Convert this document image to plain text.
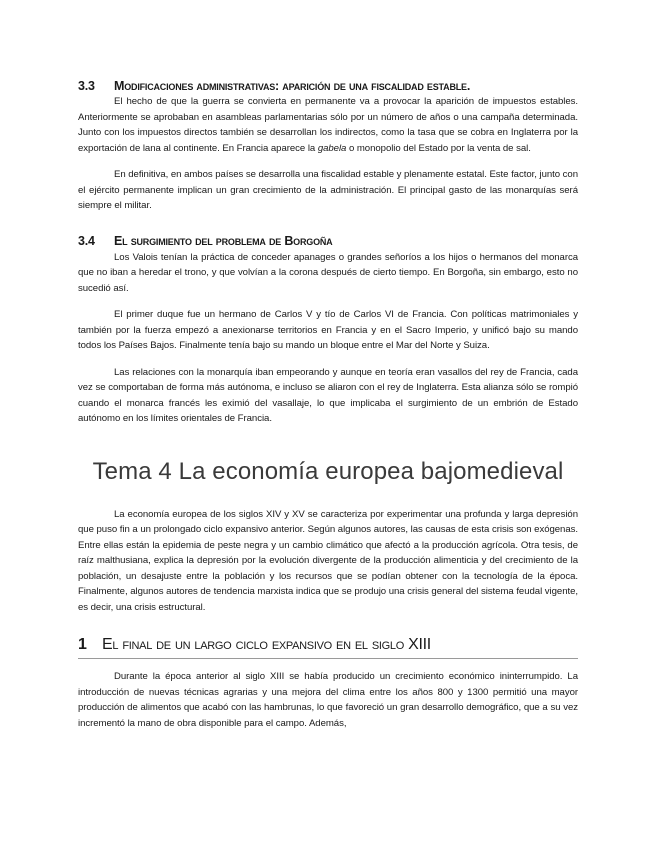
3.3 Modificaciones administrativas: aparición de una fiscalidad estable.

El hecho de que la guerra se convierta en permanente va a provocar la aparición de impuestos estables. Anteriormente se aprobaban en asambleas parlamentarias sólo por un número de años o una campaña determinada. Junto con los impuestos directos también se desarrollan los indirectos, como la tasa que se cobra en Inglaterra por la exportación de lana al continente. En Francia aparece la gabela o monopolio del Estado por la venta de sal.

En definitiva, en ambos países se desarrolla una fiscalidad estable y plenamente estatal. Este factor, junto con el ejército permanente implican un gran crecimiento de la administración. El principal gasto de las monarquías será siempre el militar.

3.4 El surgimiento del problema de Borgoña

Los Valois tenían la práctica de conceder apanages o grandes señoríos a los hijos o hermanos del monarca que no iban a heredar el trono, y que volvían a la corona después de cierto tiempo. En Borgoña, sin embargo, esto no sucedió así.

El primer duque fue un hermano de Carlos V y tío de Carlos VI de Francia. Con políticas matrimoniales y también por la fuerza empezó a anexionarse territorios en Francia y en el Sacro Imperio, y unificó bajo su mando todos los Países Bajos. Finalmente tenía bajo su mando un bloque entre el Mar del Norte y Suiza.

Las relaciones con la monarquía iban empeorando y aunque en teoría eran vasallos del rey de Francia, cada vez se comportaban de forma más autónoma, e incluso se aliaron con el rey de Inglaterra. Esta alianza sólo se rompió cuando el monarca francés les eximió del vasallaje, lo que implicaba el surgimiento de un embrión de Estado autónomo en los límites orientales de Francia.

Tema 4 La economía europea bajomedieval

La economía europea de los siglos XIV y XV se caracteriza por experimentar una profunda y larga depresión que puso fin a un prolongado ciclo expansivo anterior. Según algunos autores, las causas de esta crisis son exógenas. Entre ellas están la epidemia de peste negra y un cambio climático que afectó a la producción agrícola. Otra tesis, de raíz malthusiana, explica la depresión por la evolución divergente de la producción alimenticia y del crecimiento de la población, un desajuste entre la población y los recursos que se podían obtener con la tecnología de la época. Finalmente, algunos autores de tendencia marxista indica que se produjo una crisis general del sistema feudal vigente, es decir, una crisis estructural.

1 El final de un largo ciclo expansivo en el siglo XIII

Durante la época anterior al siglo XIII se había producido un crecimiento económico ininterrumpido. La introducción de nuevas técnicas agrarias y una mejora del clima entre los años 800 y 1300 permitió una mayor producción de alimentos que acabó con las hambrunas, lo que favoreció un gran desarrollo demográfico, que a su vez incrementó la mano de obra disponible para el campo. Además,
